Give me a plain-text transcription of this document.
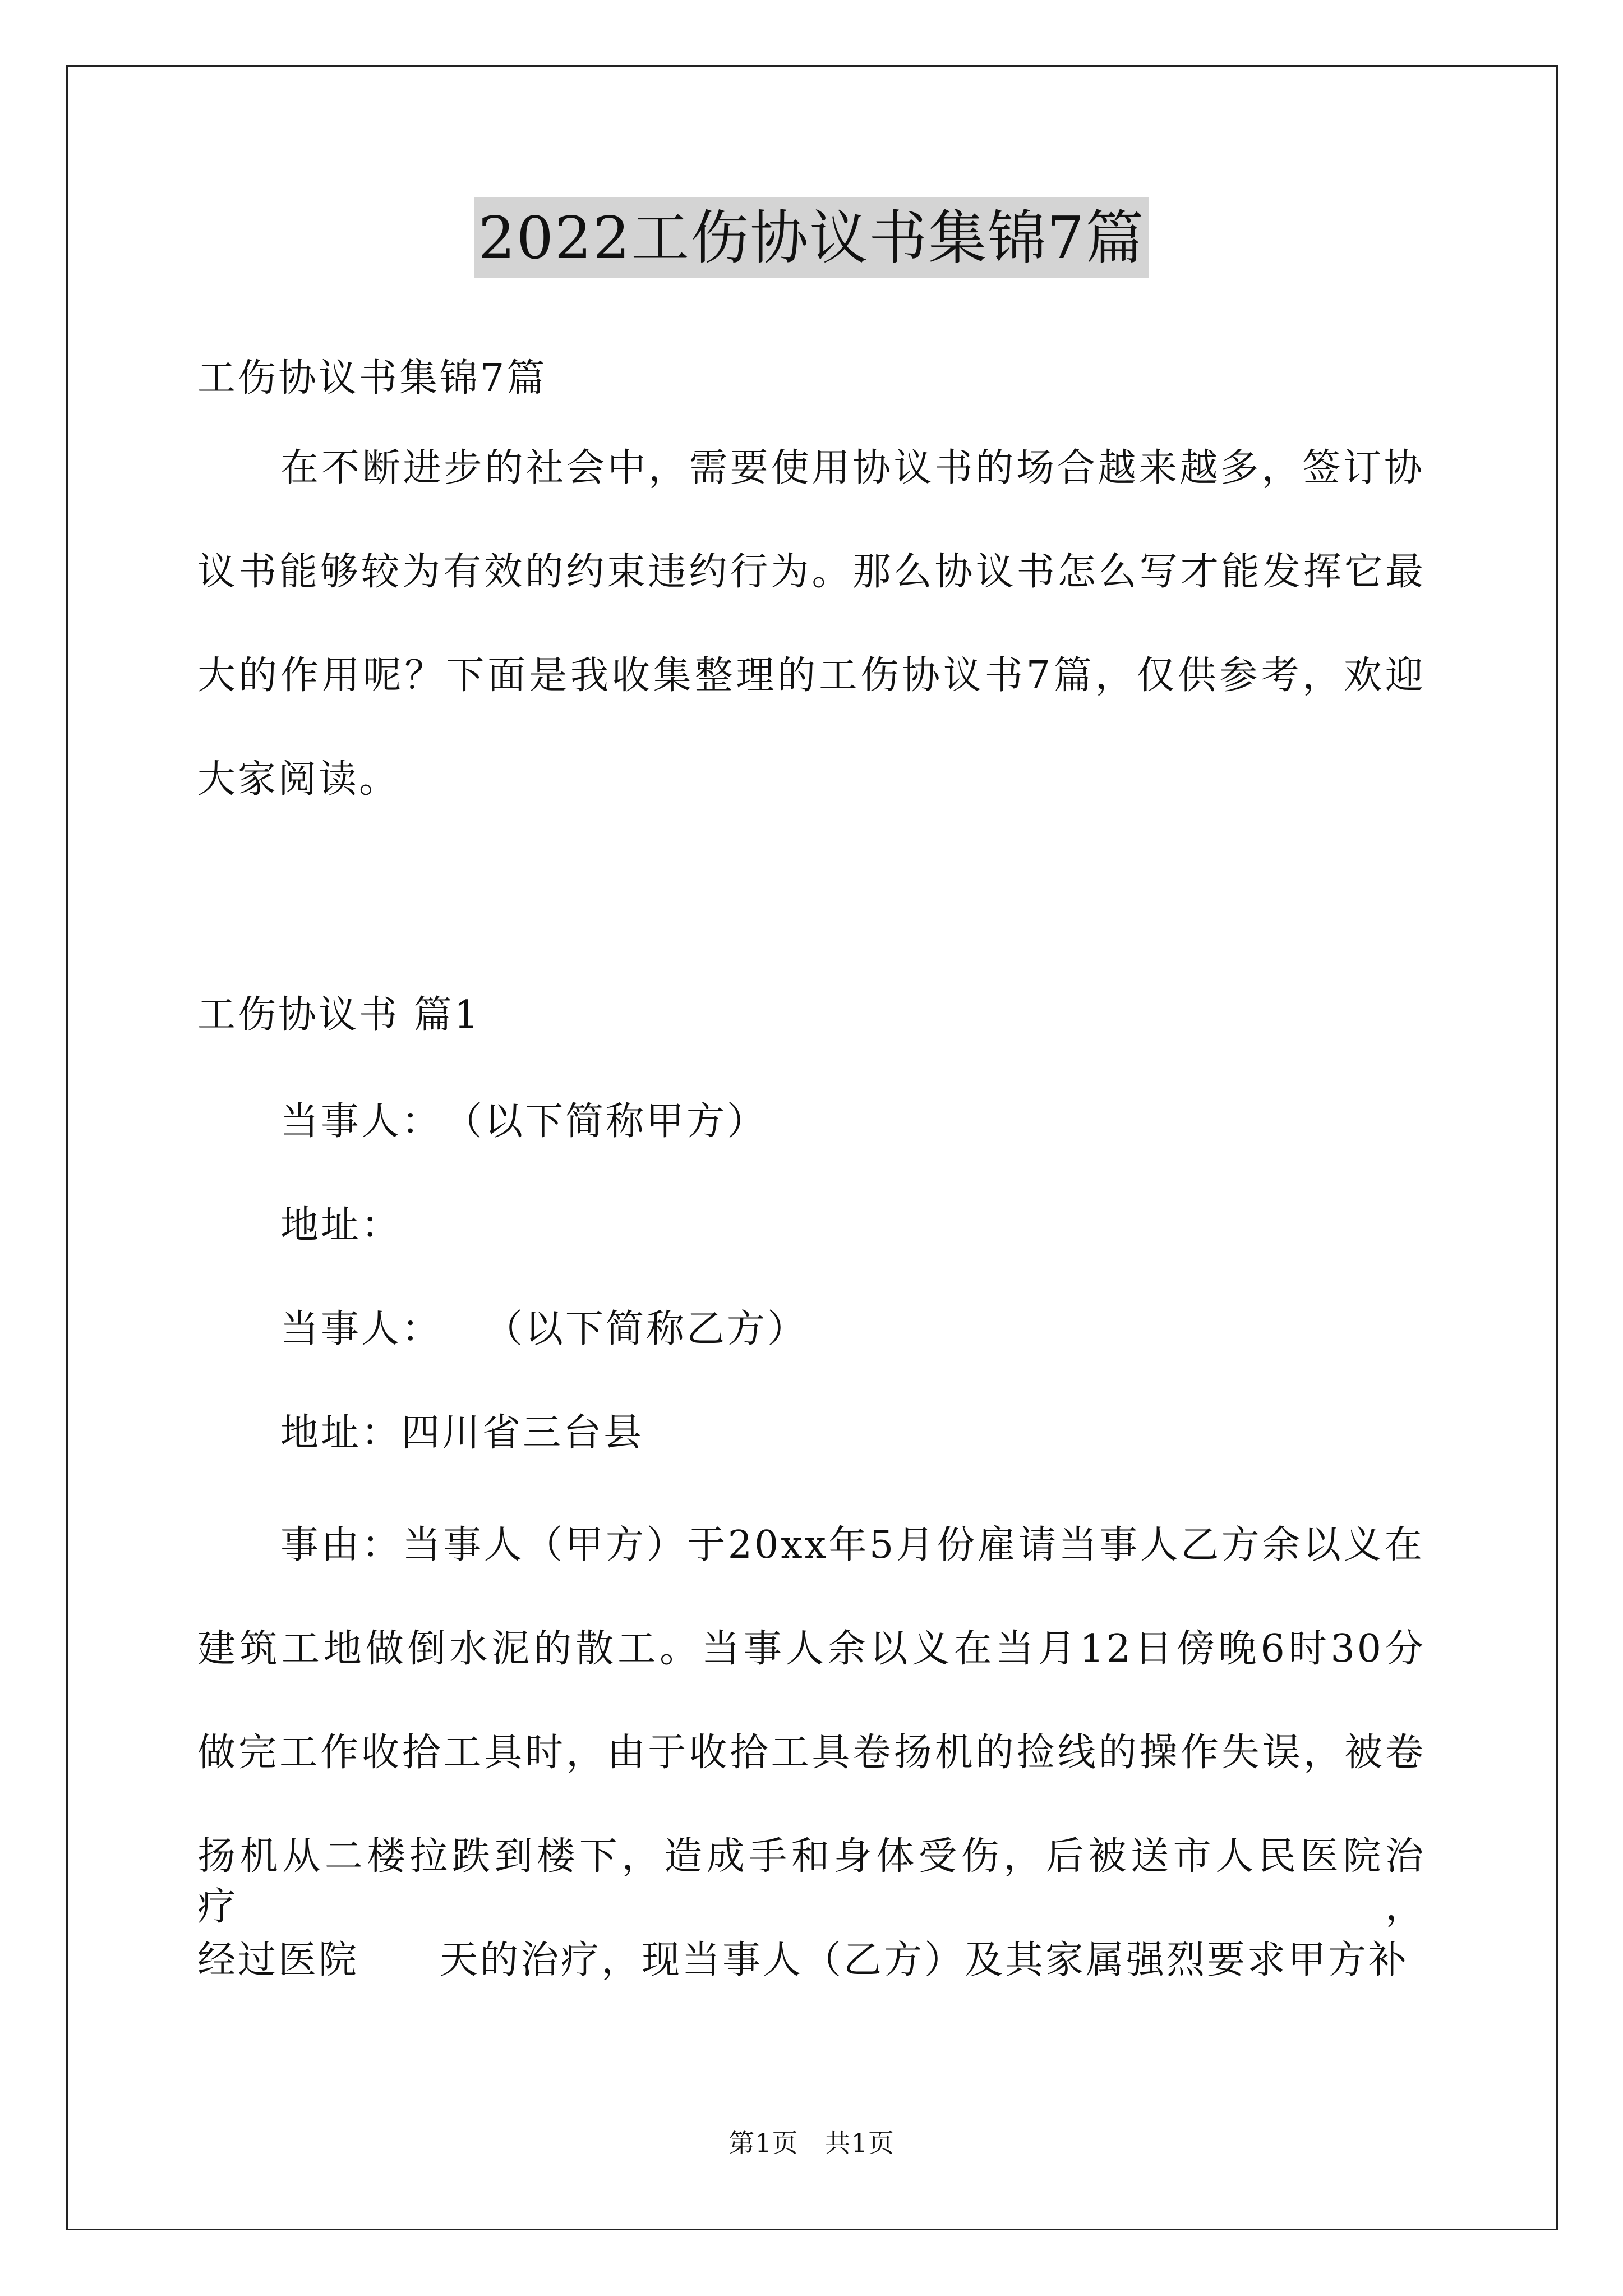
2022工伤协议书集锦7篇
工伤协议书集锦7篇
在不断进步的社会中，需要使用协议书的场合越来越多，签订协
议书能够较为有效的约束违约行为。那么协议书怎么写才能发挥它最
大的作用呢？下面是我收集整理的工伤协议书7篇，仅供参考，欢迎
大家阅读。
工伤协议书 篇1
当事人：　（以下简称甲方）
地址：
当事人：　　（以下简称乙方）
地址：四川省三台县
事由：当事人（甲方）于20xx年5月份雇请当事人乙方余以义在
建筑工地做倒水泥的散工。当事人余以义在当月12日傍晚6时30分
做完工作收拾工具时，由于收拾工具卷扬机的捡线的操作失误，被卷
扬机从二楼拉跌到楼下，造成手和身体受伤，后被送市人民医院治疗，
经过医院　　天的治疗，现当事人（乙方）及其家属强烈要求甲方补
第1页　共1页
